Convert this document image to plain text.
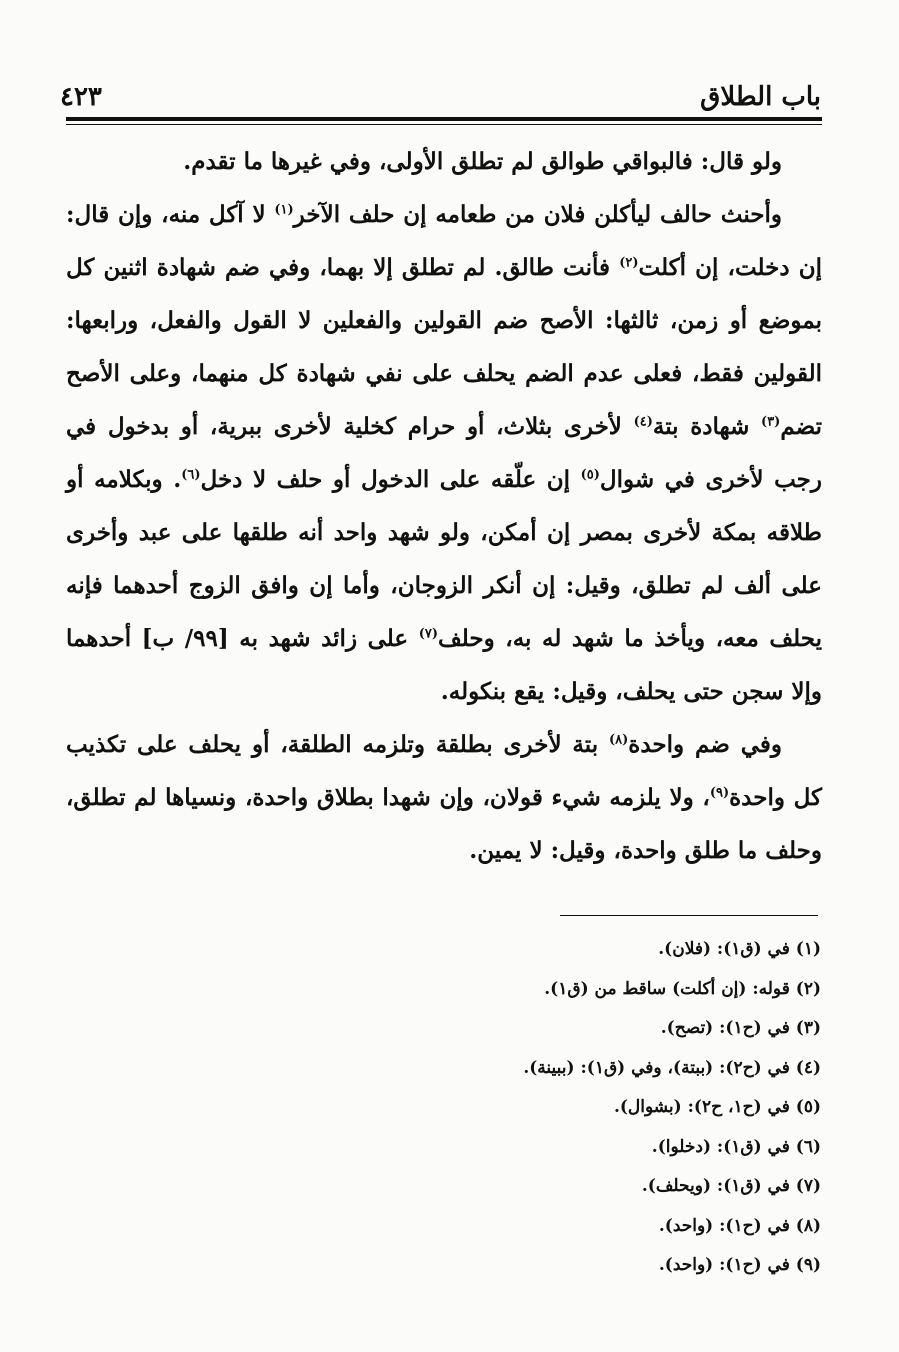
باب الطلاق
٤٢٣

ولو قال: فالبواقي طوالق لم تطلق الأولى، وفي غيرها ما تقدم.

وأحنث حالف ليأكلن فلان من طعامه إن حلف الآخر$^{(١)}$ لا آكل منه، وإن قال: إن دخلت، إن أكلت$^{(٢)}$ فأنت طالق. لم تطلق إلا بهما، وفي ضم شهادة اثنين كل بموضع أو زمن، ثالثها: الأصح ضم القولين والفعلين لا القول والفعل، ورابعها: القولين فقط، فعلى عدم الضم يحلف على نفي شهادة كل منهما، وعلى الأصح تضم$^{(٣)}$ شهادة بتة$^{(٤)}$ لأخرى بثلاث، أو حرام كخلية لأخرى ببرية، أو بدخول في رجب لأخرى في شوال$^{(٥)}$ إن علّقه على الدخول أو حلف لا دخل$^{(٦)}$. وبكلامه أو طلاقه بمكة لأخرى بمصر إن أمكن، ولو شهد واحد أنه طلقها على عبد وأخرى على ألف لم تطلق، وقيل: إن أنكر الزوجان، وأما إن وافق الزوج أحدهما فإنه يحلف معه، ويأخذ ما شهد له به، وحلف$^{(٧)}$ على زائد شهد به [٩٩/ ب] أحدهما وإلا سجن حتى يحلف، وقيل: يقع بنكوله.

وفي ضم واحدة$^{(٨)}$ بتة لأخرى بطلقة وتلزمه الطلقة، أو يحلف على تكذيب كل واحدة$^{(٩)}$، ولا يلزمه شيء قولان، وإن شهدا بطلاق واحدة، ونسياها لم تطلق، وحلف ما طلق واحدة، وقيل: لا يمين.

(١) في (ق١): (فلان).
(٢) قوله: (إن أكلت) ساقط من (ق١).
(٣) في (ح١): (تصح).
(٤) في (ح٢): (ببتة)، وفي (ق١): (ببينة).
(٥) في (ح١، ح٢): (بشوال).
(٦) في (ق١): (دخلوا).
(٧) في (ق١): (ويحلف).
(٨) في (ح١): (واحد).
(٩) في (ح١): (واحد).
